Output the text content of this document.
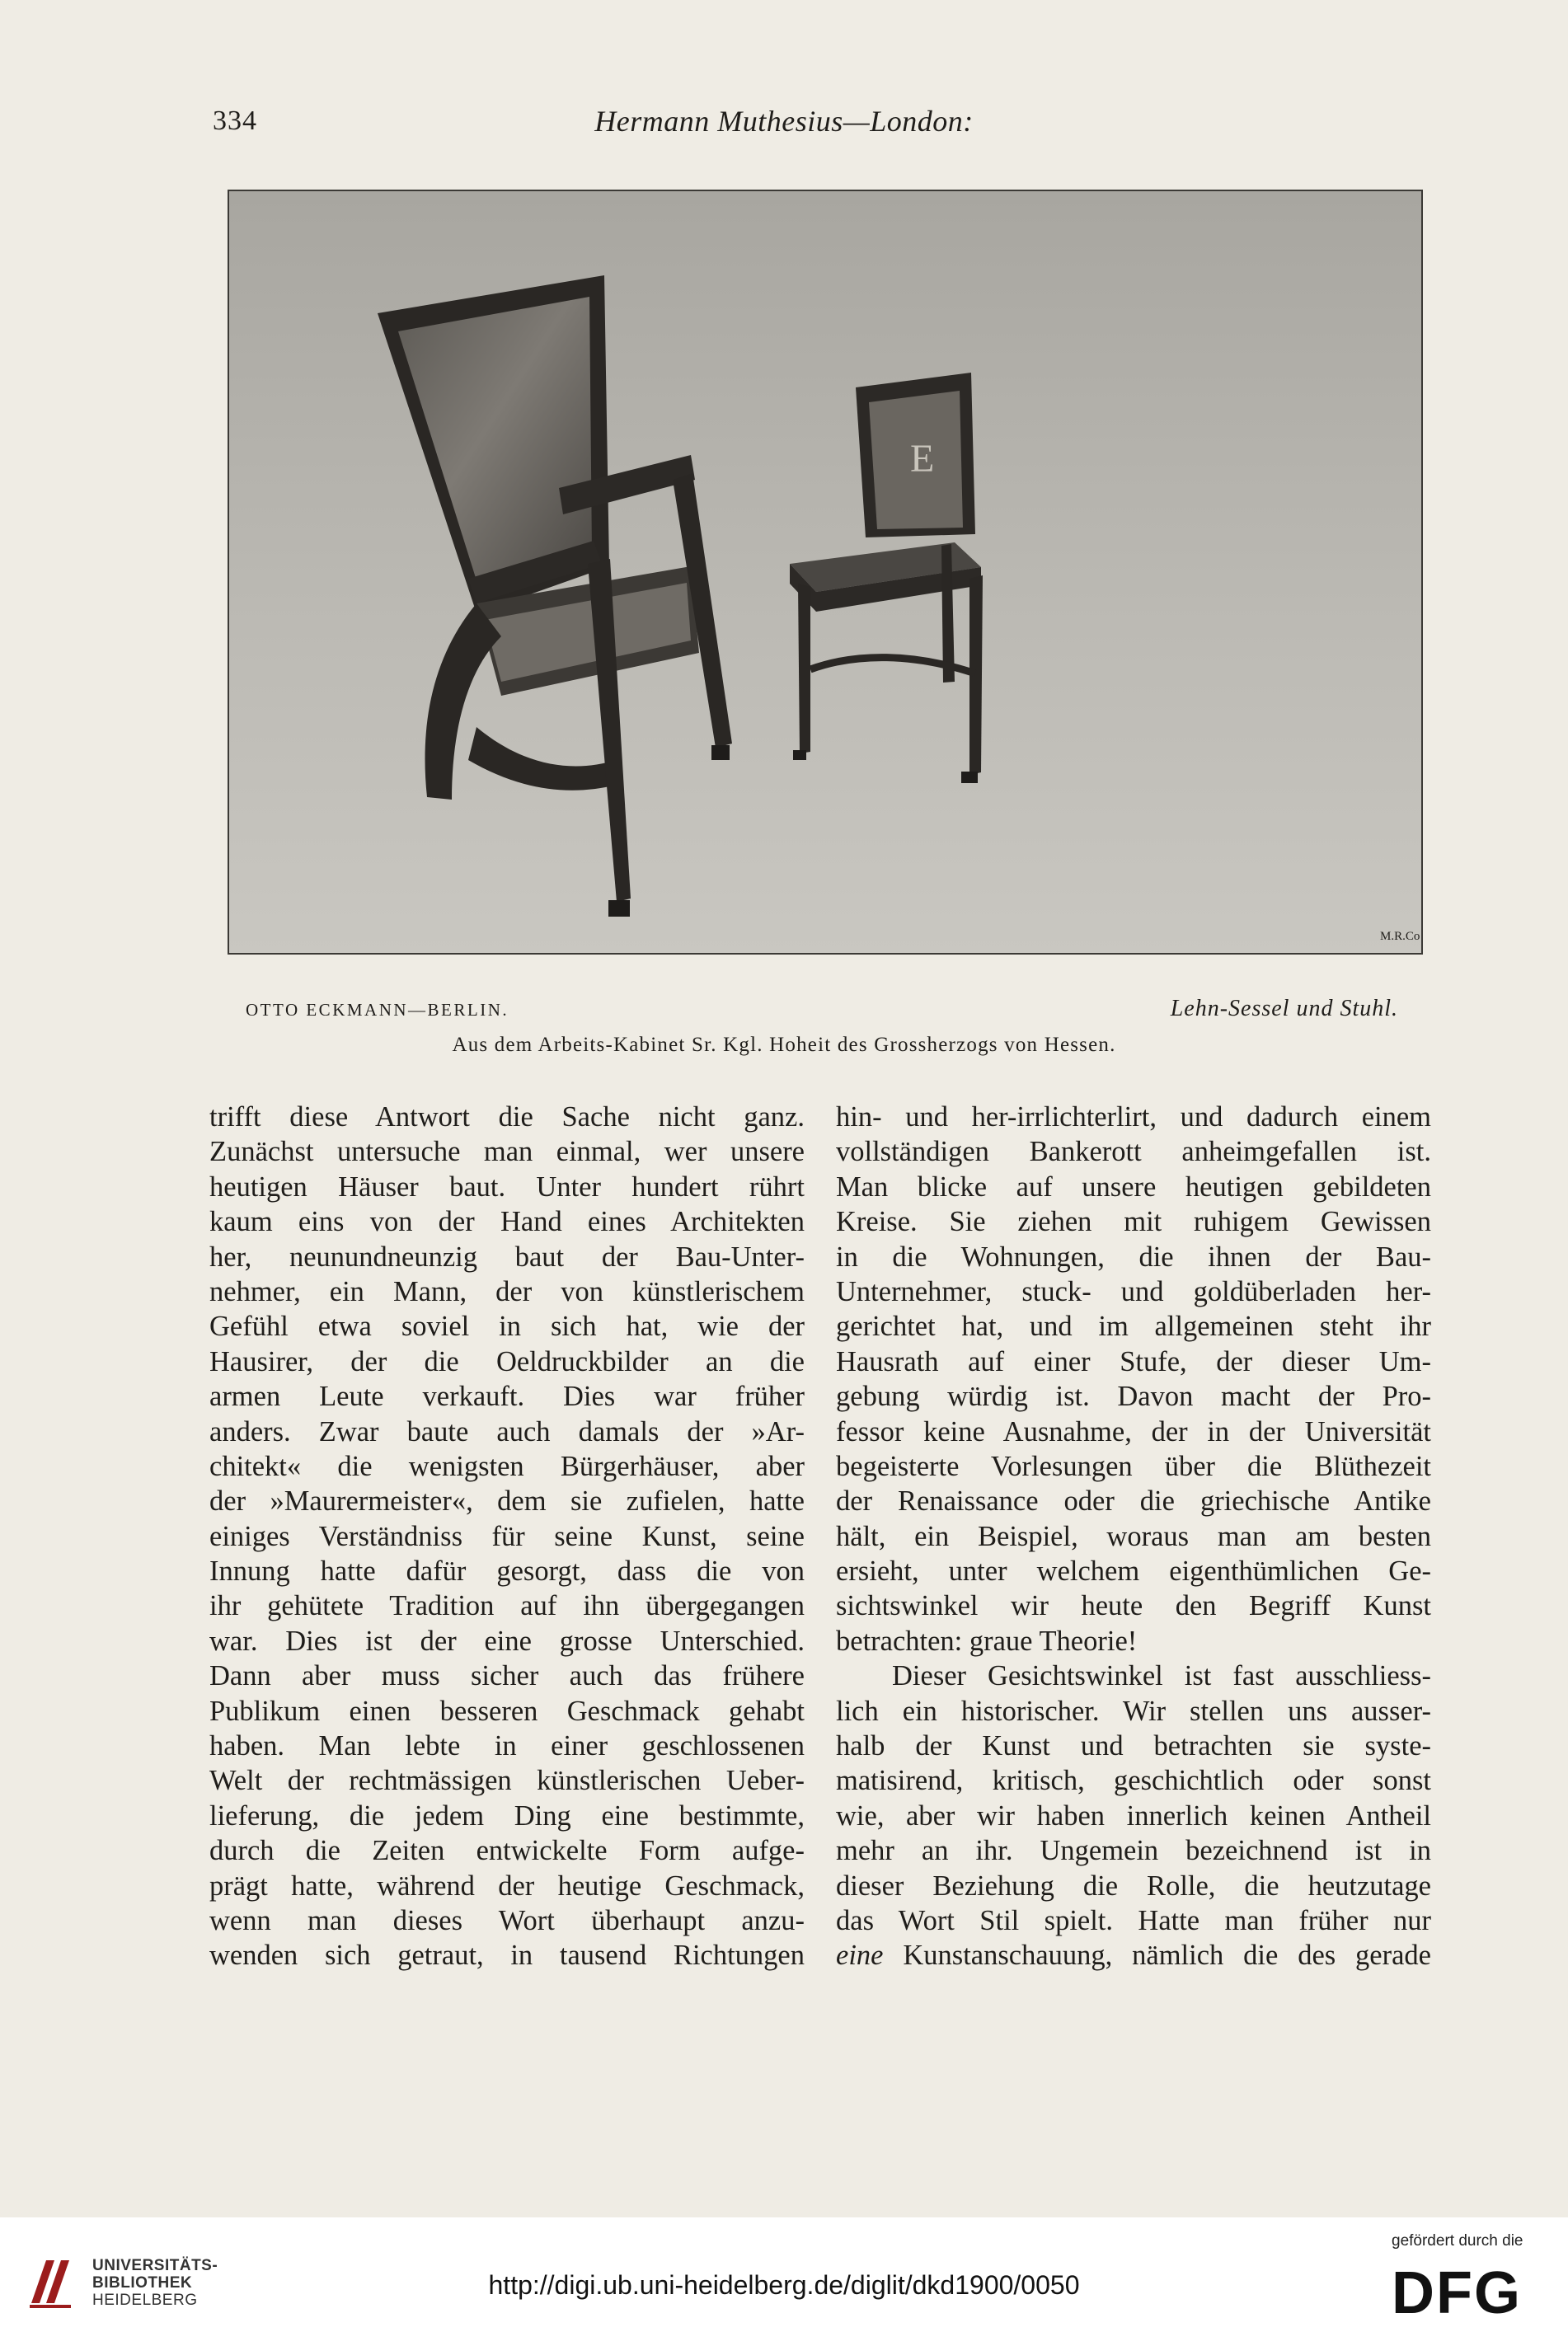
334	Hermann Muthesius—London:
E
M.R.Co
OTTO ECKMANN—BERLIN.	Lehn-Sessel und Stuhl.
Aus dem Arbeits-Kabinet Sr. Kgl. Hoheit des Grossherzogs von Hessen.
trifft diese Antwort die Sache nicht ganz.
Zunächst untersuche man einmal, wer unsere
heutigen Häuser baut. Unter hundert rührt
kaum eins von der Hand eines Architekten
her, neunundneunzig baut der Bau-Unter-
nehmer, ein Mann, der von künstlerischem
Gefühl etwa soviel in sich hat, wie der
Hausirer, der die Oeldruckbilder an die
armen Leute verkauft. Dies war früher
anders. Zwar baute auch damals der »Ar-
chitekt« die wenigsten Bürgerhäuser, aber
der »Maurermeister«, dem sie zufielen, hatte
einiges Verständniss für seine Kunst, seine
Innung hatte dafür gesorgt, dass die von
ihr gehütete Tradition auf ihn übergegangen
war. Dies ist der eine grosse Unterschied.
Dann aber muss sicher auch das frühere
Publikum einen besseren Geschmack gehabt
haben. Man lebte in einer geschlossenen
Welt der rechtmässigen künstlerischen Ueber-
lieferung, die jedem Ding eine bestimmte,
durch die Zeiten entwickelte Form aufge-
prägt hatte, während der heutige Geschmack,
wenn man dieses Wort überhaupt anzu-
wenden sich getraut, in tausend Richtungen
hin- und her-irrlichterlirt, und dadurch einem
vollständigen Bankerott anheimgefallen ist.
Man blicke auf unsere heutigen gebildeten
Kreise. Sie ziehen mit ruhigem Gewissen
in die Wohnungen, die ihnen der Bau-
Unternehmer, stuck- und goldüberladen her-
gerichtet hat, und im allgemeinen steht ihr
Hausrath auf einer Stufe, der dieser Um-
gebung würdig ist. Davon macht der Pro-
fessor keine Ausnahme, der in der Universität
begeisterte Vorlesungen über die Blüthezeit
der Renaissance oder die griechische Antike
hält, ein Beispiel, woraus man am besten
ersieht, unter welchem eigenthümlichen Ge-
sichtswinkel wir heute den Begriff Kunst
betrachten: graue Theorie!
Dieser Gesichtswinkel ist fast ausschliess-
lich ein historischer. Wir stellen uns ausser-
halb der Kunst und betrachten sie syste-
matisirend, kritisch, geschichtlich oder sonst
wie, aber wir haben innerlich keinen Antheil
mehr an ihr. Ungemein bezeichnend ist in
dieser Beziehung die Rolle, die heutzutage
das Wort Stil spielt. Hatte man früher nur
eine Kunstanschauung, nämlich die des gerade
UNIVERSITÄTS-
BIBLIOTHEK
HEIDELBERG
http://digi.ub.uni-heidelberg.de/diglit/dkd1900/0050
gefördert durch die
DFG
